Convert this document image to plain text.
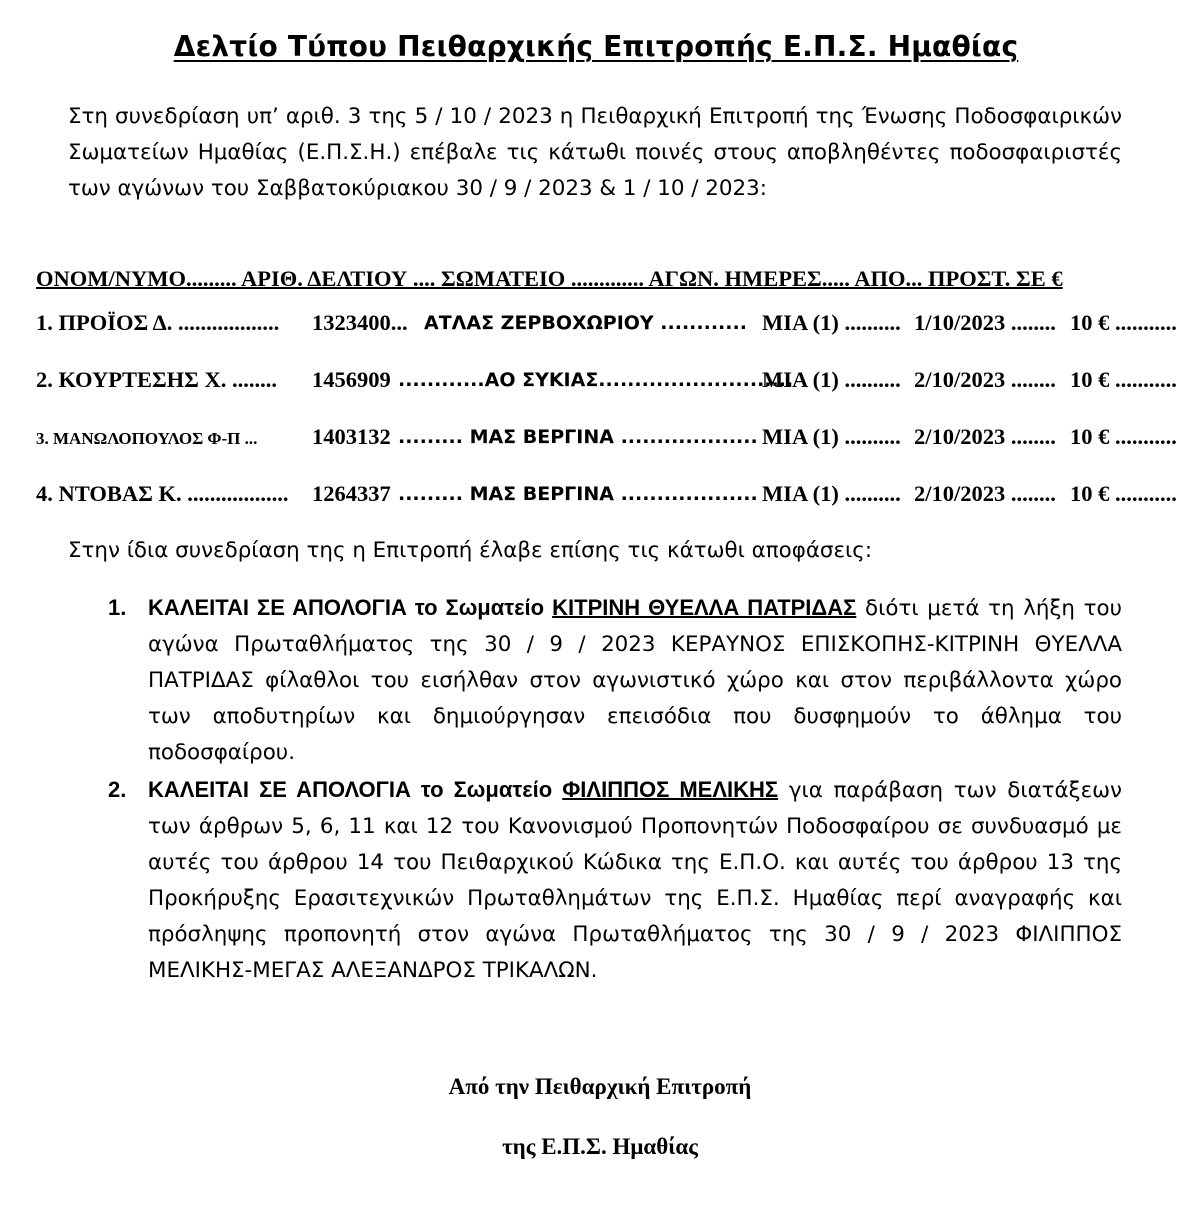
Δελτίο Τύπου Πειθαρχικής Επιτροπής Ε.Π.Σ. Ημαθίας
Στη συνεδρίαση υπ’ αριθ. 3 της 5 / 10 / 2023 η Πειθαρχική Επιτροπή της Ένωσης Ποδοσφαιρικών Σωματείων Ημαθίας (Ε.Π.Σ.Η.) επέβαλε τις κάτωθι ποινές στους αποβληθέντες ποδοσφαιριστές των αγώνων του Σαββατοκύριακου 30 / 9 / 2023 & 1 / 10 / 2023:
ΟΝΟΜ/ΝΥΜΟ......... ΑΡΙΘ. ΔΕΛΤΙΟΥ .... ΣΩΜΑΤΕΙΟ ............. ΑΓΩΝ. ΗΜΕΡΕΣ..... ΑΠΟ... ΠΡΟΣΤ. ΣΕ €
1. ΠΡΟΪΟΣ Δ. .................. 1323400... ΑΤΛΑΣ ΖΕΡΒΟΧΩΡΙΟΥ ............ ΜΙΑ (1) .......... 1/10/2023 ........ 10 € ...........
2. ΚΟΥΡΤΕΣΗΣ Χ. ........ 1456909 ............ΑΟ ΣΥΚΙΑΣ...........................
ΜΙΑ (1) .......... 2/10/2023 ........ 10 € ...........
3. ΜΑΝΩΛΟΠΟΥΛΟΣ Φ-Π ... 1403132 ......... ΜΑΣ ΒΕΡΓΙΝΑ ................... ΜΙΑ (1) .......... 2/10/2023 ........ 10 € ...........
4. ΝΤΟΒΑΣ Κ. .................. 1264337 ......... ΜΑΣ ΒΕΡΓΙΝΑ ................... ΜΙΑ (1) .......... 2/10/2023 ........ 10 € ...........
Στην ίδια συνεδρίαση της η Επιτροπή έλαβε επίσης τις κάτωθι αποφάσεις:
1. ΚΑΛΕΙΤΑΙ ΣΕ ΑΠΟΛΟΓΙΑ το Σωματείο ΚΙΤΡΙΝΗ ΘΥΕΛΛΑ ΠΑΤΡΙΔΑΣ διότι μετά τη λήξη του αγώνα Πρωταθλήματος της 30 / 9 / 2023 ΚΕΡΑΥΝΟΣ ΕΠΙΣΚΟΠΗΣ-ΚΙΤΡΙΝΗ ΘΥΕΛΛΑ ΠΑΤΡΙΔΑΣ φίλαθλοι του εισήλθαν στον αγωνιστικό χώρο και στον περιβάλλοντα χώρο των αποδυτηρίων και δημιούργησαν επεισόδια που δυσφημούν το άθλημα του ποδοσφαίρου.
2. ΚΑΛΕΙΤΑΙ ΣΕ ΑΠΟΛΟΓΙΑ το Σωματείο ΦΙΛΙΠΠΟΣ ΜΕΛΙΚΗΣ για παράβαση των διατάξεων των άρθρων 5, 6, 11 και 12 του Κανονισμού Προπονητών Ποδοσφαίρου σε συνδυασμό με αυτές του άρθρου 14 του Πειθαρχικού Κώδικα της Ε.Π.Ο. και αυτές του άρθρου 13 της Προκήρυξης Ερασιτεχνικών Πρωταθλημάτων της Ε.Π.Σ. Ημαθίας περί αναγραφής και πρόσληψης προπονητή στον αγώνα Πρωταθλήματος της 30 / 9 / 2023 ΦΙΛΙΠΠΟΣ ΜΕΛΙΚΗΣ-ΜΕΓΑΣ ΑΛΕΞΑΝΔΡΟΣ ΤΡΙΚΑΛΩΝ.
Από την Πειθαρχική Επιτροπή
της Ε.Π.Σ. Ημαθίας
